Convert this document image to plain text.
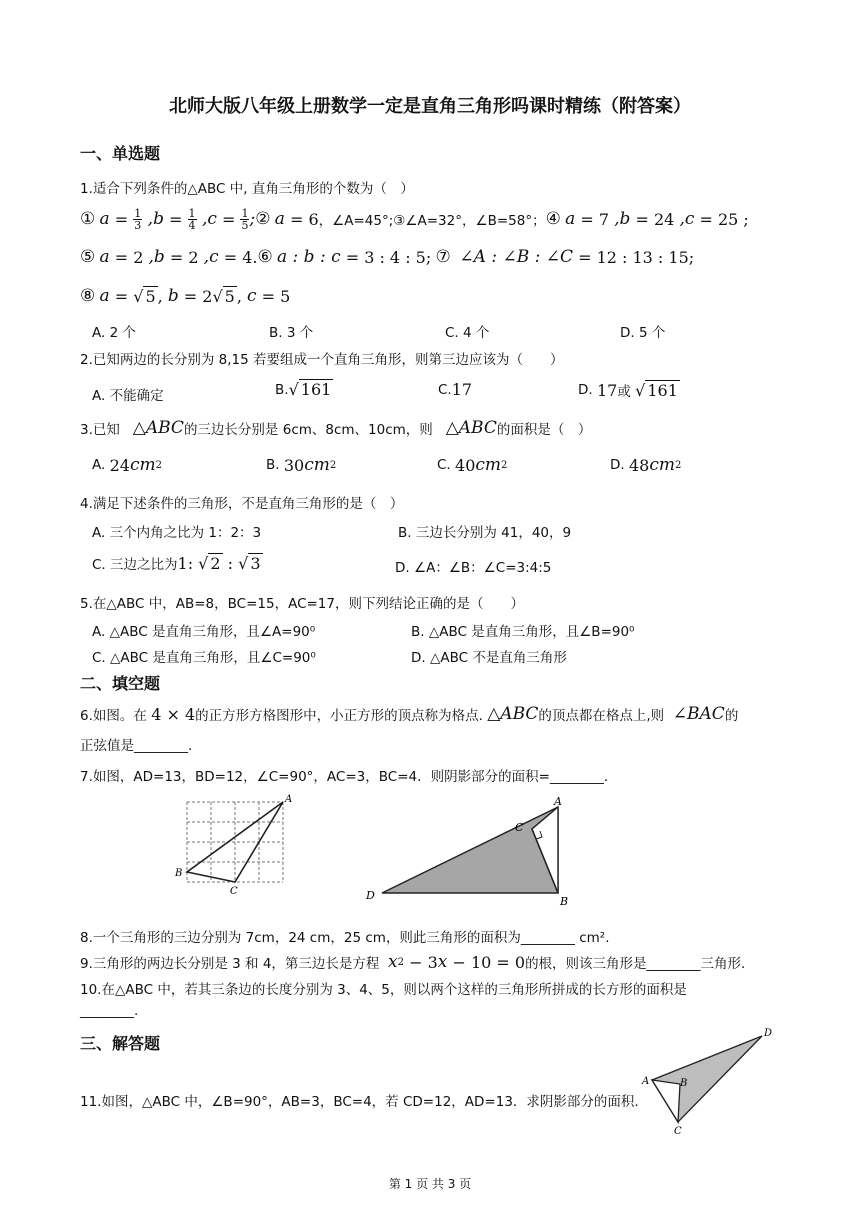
北师大版八年级上册数学一定是直角三角形吗课时精练（附答案）
一、单选题
1.适合下列条件的△ABC 中, 直角三角形的个数为（　）
①
$a = \frac{1}{3} ,b = \frac{1}{4} ,c = \frac{1}{5}$ ; ②
a = 6 ，∠A=45°; ③∠A=32°，∠B=58°； ④
a = 7 ,b = 24 ,c = 25 ;
⑤
a = 2 ,b = 2 ,c = 4. ⑥
a : b : c = 3 : 4 : 5;
⑦
∠A : ∠B : ∠C = 12 : 13 : 15;
⑧
a = √ 5 , b = 2√ 5 , c = 5
A. 2 个	B. 3 个	C. 4 个	D. 5 个
2.已知两边的长分别为 8,15 若要组成一个直角三角形，则第三边应该为（　　）
A. 不能确定	B. √ 161	C. 17	D.
17 或
√ 161
3.已知
△ABC 的三边长分别是 6cm、8cm、10cm，则
△ABC 的面积是（　）
A.
24 cm 2	B.
30 cm 2	C.
40 cm 2	D.
48 cm 2
4.满足下述条件的三角形，不是直角三角形的是（　）
A. 三个内角之比为 1：2：3	B. 三边长分别为 41，40，9
C. 三边之比为 1: √ 2 : √ 3	D. ∠A：∠B：∠C=3:4:5
5.在△ABC 中，AB=8，BC=15，AC=17，则下列结论正确的是（　　）
A. △ABC 是直角三角形，且∠A=90⁰	B. △ABC 是直角三角形，且∠B=90⁰
C. △ABC 是直角三角形，且∠C=90⁰	D. △ABC 不是直角三角形
二、填空题
6.如图。在
4 × 4 的正方形方格图形中，小正方形的顶点称为格点.
△ABC 的顶点都在格点上,则
∠BAC 的
正弦值是________.
7.如图，AD=13，BD=12，∠C=90°，AC=3，BC=4．则阴影部分的面积=________．
A
B
C
A
B
C
D
8.一个三角形的三边分别为 7cm，24 cm，25 cm，则此三角形的面积为________ cm².
9.三角形的两边长分别是 3 和 4，第三边长是方程
x 2 − 3 x − 10 = 0 的根，则该三角形是________三角形.
10.在△ABC 中，若其三条边的长度分别为 3、4、5，则以两个这样的三角形所拼成的长方形的面积是
________.
三、解答题
11.如图，△ABC 中，∠B=90°，AB=3，BC=4，若 CD=12，AD=13．求阴影部分的面积.
D
A	B
C
第 1 页 共 3 页
